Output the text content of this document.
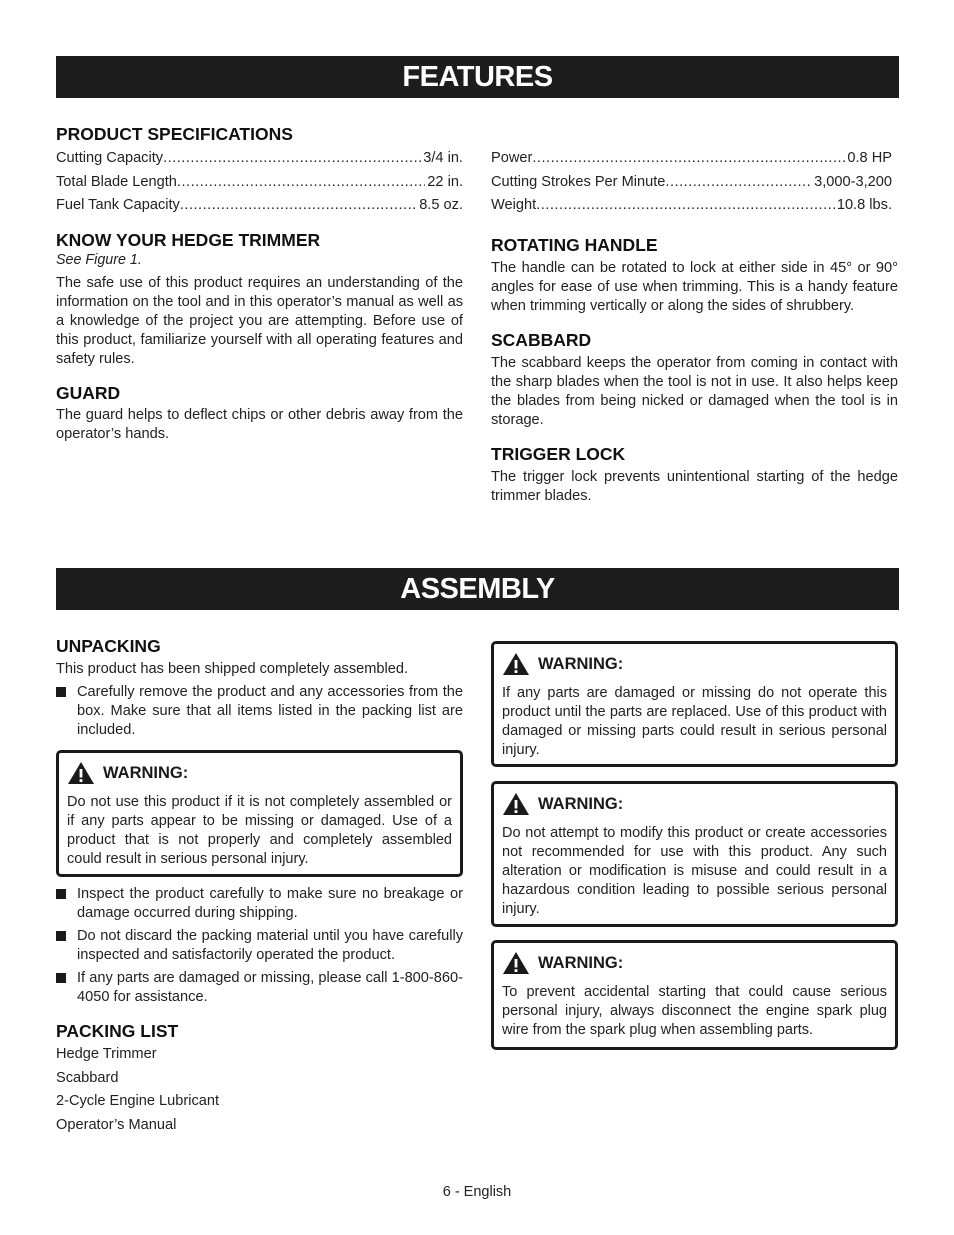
FEATURES
PRODUCT SPECIFICATIONS
Cutting Capacity .....	3/4 in.
Total Blade Length .....	22 in.
Fuel Tank Capacity .....	8.5 oz.
KNOW YOUR HEDGE TRIMMER
See Figure 1.
The safe use of this product requires an understanding of the information on the tool and in this operator’s manual as well as a knowledge of the project you are attempting. Before use of this product, familiarize yourself with all operating features and safety rules.
GUARD
The guard helps to deflect chips or other debris away from the operator’s hands.
Power .....	0.8 HP
Cutting Strokes Per Minute .....	3,000-3,200
Weight .....	10.8 lbs.
ROTATING HANDLE
The handle can be rotated to lock at either side in 45° or 90° angles for ease of use when trimming. This is a handy feature when trimming vertically or along the sides of shrubbery.
SCABBARD
The scabbard keeps the operator from coming in contact with the sharp blades when the tool is not in use. It also helps keep the blades from being nicked or damaged when the tool is in storage.
TRIGGER LOCK
The trigger lock prevents unintentional starting of the hedge trimmer blades.
ASSEMBLY
UNPACKING
This product has been shipped completely assembled.
Carefully remove the product and any accessories from the box. Make sure that all items listed in the packing list are included.
WARNING:
Do not use this product if it is not completely assembled or if any parts appear to be missing or damaged. Use of a product that is not properly and completely assembled could result in serious personal injury.
Inspect the product carefully to make sure no breakage or damage occurred during shipping.
Do not discard the packing material until you have carefully inspected and satisfactorily operated the product.
If any parts are damaged or missing, please call 1-800-860-4050 for assistance.
PACKING LIST
Hedge Trimmer
Scabbard
2-Cycle Engine Lubricant
Operator’s Manual
WARNING:
If any parts are damaged or missing do not operate this product until the parts are replaced. Use of this product with damaged or missing parts could result in serious personal injury.
WARNING:
Do not attempt to modify this product or create accessories not recommended for use with this product. Any such alteration or modification is misuse and could result in a hazardous condition leading to possible serious personal injury.
WARNING:
To prevent accidental starting that could cause serious personal injury, always disconnect the engine spark plug wire from the spark plug when assembling parts.
6 - English
